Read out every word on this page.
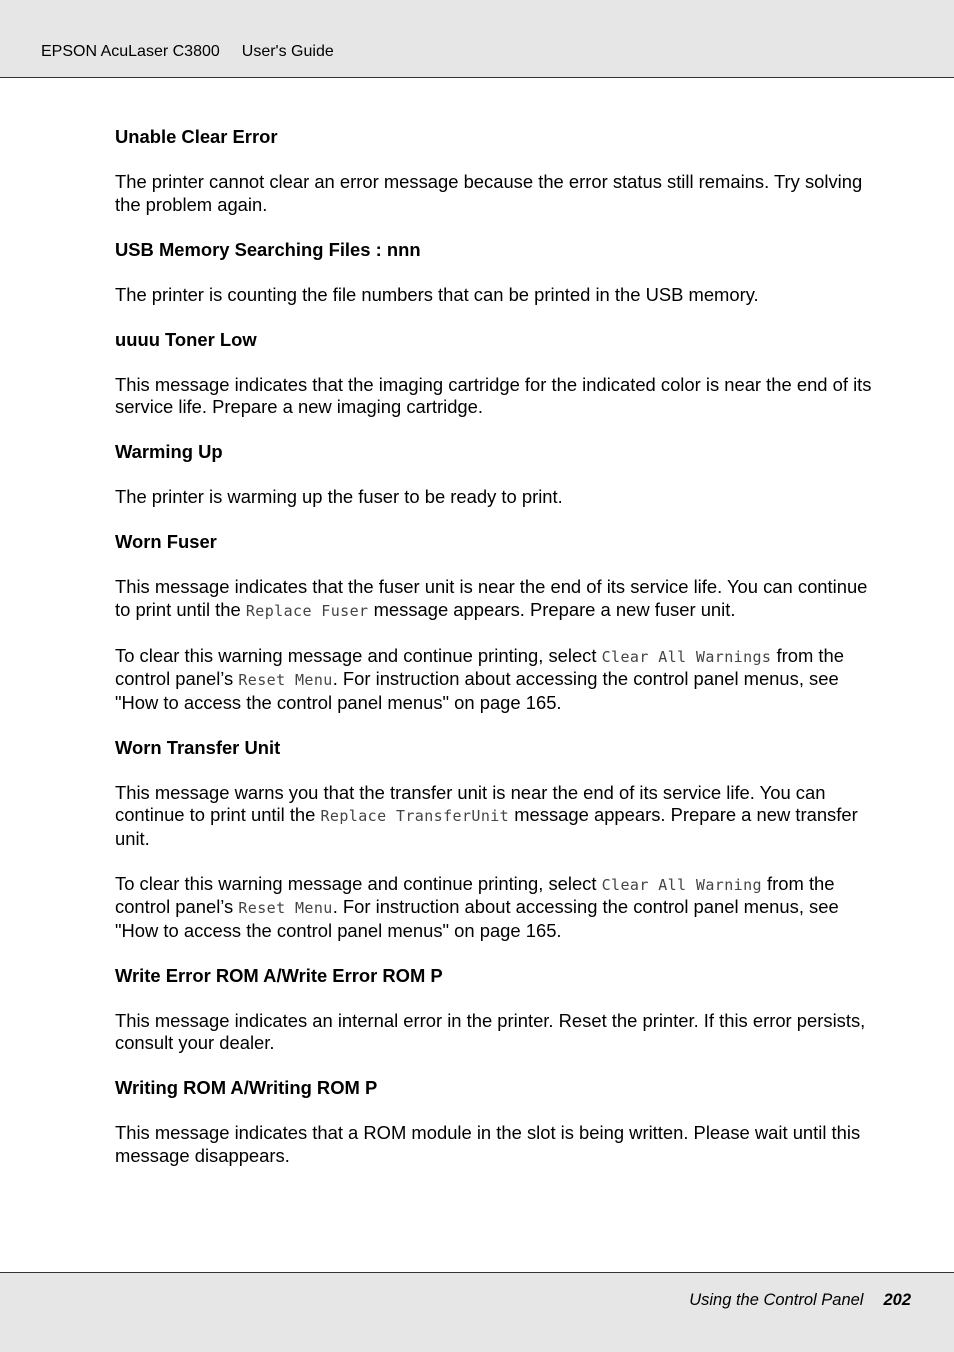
EPSON AcuLaser C3800 User's Guide
Unable Clear Error

The printer cannot clear an error message because the error status still remains. Try solving the problem again.

USB Memory Searching Files : nnn

The printer is counting the file numbers that can be printed in the USB memory.

uuuu Toner Low

This message indicates that the imaging cartridge for the indicated color is near the end of its service life. Prepare a new imaging cartridge.

Warming Up

The printer is warming up the fuser to be ready to print.

Worn Fuser

This message indicates that the fuser unit is near the end of its service life. You can continue to print until the Replace Fuser message appears. Prepare a new fuser unit.

To clear this warning message and continue printing, select Clear All Warnings from the control panel’s Reset Menu. For instruction about accessing the control panel menus, see "How to access the control panel menus" on page 165.

Worn Transfer Unit

This message warns you that the transfer unit is near the end of its service life. You can continue to print until the Replace TransferUnit message appears. Prepare a new transfer unit.

To clear this warning message and continue printing, select Clear All Warning from the control panel’s Reset Menu. For instruction about accessing the control panel menus, see "How to access the control panel menus" on page 165.

Write Error ROM A/Write Error ROM P

This message indicates an internal error in the printer. Reset the printer. If this error persists, consult your dealer.

Writing ROM A/Writing ROM P

This message indicates that a ROM module in the slot is being written. Please wait until this message disappears.

Using the Control Panel 202
